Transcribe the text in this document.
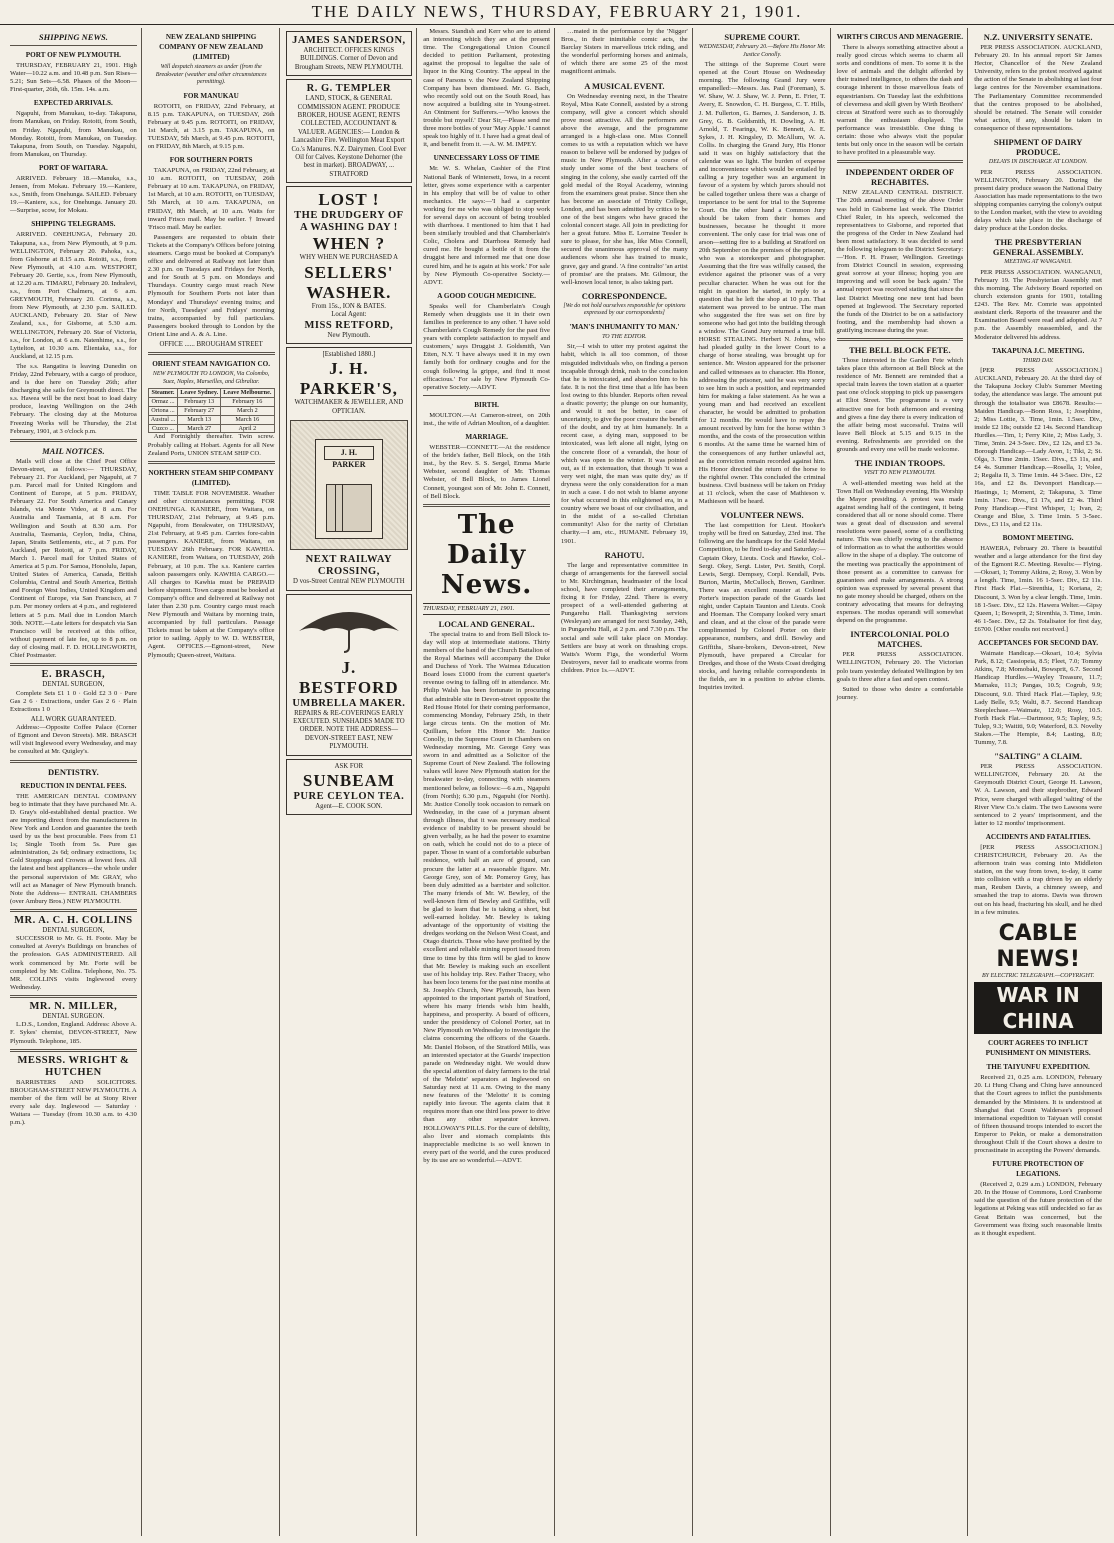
THE DAILY NEWS, THURSDAY, FEBRUARY 21, 1901.
SHIPPING NEWS.
PORT OF NEW PLYMOUTH.

THURSDAY, FEBRUARY 21, 1901. High Water—10.22 a.m. and 10.48 p.m. Sun Rises—5.21; Sun Sets—6.58. Phases of the Moon—First-quarter, 26th, 6h. 15m. 14s. a.m.

EXPECTED ARRIVALS.

Ngapuhi, from Manukau, to-day. Takapuna, from Manukau, on Friday. Rotoiti, from South, on Friday. Ngapuhi, from Manukau, on Monday. Rotoiti, from Manukau, on Tuesday. Takapuna, from South, on Tuesday. Ngapuhi, from Manukau, on Thursday.

PORT OF WAITARA.

ARRIVED. February 18.—Manuka, s.s., Jensen, from Mokau. February 19.—Kaniere, s.s., Smith, from Onehunga. SAILED. February 19.—Kaniere, s.s., for Onehunga. January 20.—Surprise, scow, for Mokau.

SHIPPING TELEGRAMS.

ARRIVED. ONEHUNGA, February 20. Takapuna, s.s., from New Plymouth, at 9 p.m. WELLINGTON, February 20. Pahoka, s.s., from Gisborne at 8.15 a.m. Rotoiti, s.s., from New Plymouth, at 4.10 a.m. WESTPORT, February 20. Gertie, s.s., from New Plymouth, at 12.20 a.m. TIMARU, February 20. Indralevi, s.s., from Port Chalmers, at 6 a.m. GREYMOUTH, February 20. Corinna, s.s., from New Plymouth, at 2.30 p.m. SAILED. AUCKLAND, February 20. Star of New Zealand, s.s., for Gisborne, at 5.30 a.m. WELLINGTON, February 20. Star of Victoria, s.s., for London, at 6 a.m. Natenhime, s.s., for Lyttelton, at 10.30 a.m. Elientaka, s.s., for Auckland, at 12.15 p.m.

The s.s. Rangatira is leaving Dunedin on Friday, 22nd February, with a cargo of produce, and is due here on Tuesday 26th; after discharging she sails for Greymouth direct. The s.s. Hawea will be the next boat to load dairy produce, leaving Wellington on the 24th February. The closing day at the Moturoa Freezing Works will be Thursday, the 21st February, 1901, at 3 o'clock p.m.

MAIL NOTICES.

Mails will close at the Chief Post Office Devon-street, as follows:— THURSDAY, February 21. For Auckland, per Ngapuhi, at 7 p.m. Parcel mail for United Kingdom and Continent of Europe, at 5 p.m. FRIDAY, February 22. For South America and Canary Islands, via Monte Video, at 8 a.m. For Australia and Tasmania, at 8 a.m. For Wellington and South at 8.30 a.m. For Australia, Tasmania, Ceylon, India, China, Japan, Straits Settlements, etc., at 7 p.m. For Auckland, per Rotoiti, at 7 p.m. FRIDAY, March 1. Parcel mail for United States of America at 5 p.m. For Samoa, Honolulu, Japan, United States of America, Canada, British Columbia, Central and South America, British and Foreign West Indies, United Kingdom and Continent of Europe, via San Francisco, at 7 p.m. Per money orders at 4 p.m., and registered letters at 5 p.m. Mail due in London March 30th. NOTE.—Late letters for despatch via San Francisco will be received at this office, without payment of late fee, up to 8 p.m. on day of closing mail. F. D. HOLLINGWORTH, Chief Postmaster.

E. BRASCH,
DENTAL SURGEON,

Complete Sets £1 1 0 · Gold £2 3 0 · Pure Gas 2 6 · Extractions, under Gas 2 6 · Plain Extractions 1 0

ALL WORK GUARANTEED.

Address:—Opposite Coffee Palace (Corner of Egmont and Devon Streets). MR. BRASCH will visit Inglewood every Wednesday, and may be consulted at Mr. Quigley's.

DENTISTRY.
REDUCTION IN DENTAL FEES.

THE AMERICAN DENTAL COMPANY beg to intimate that they have purchased Mr. A. D. Gray's old-established dental practice. We are importing direct from the manufacturers in New York and London and guarantee the teeth used by us the best procurable. Fees from £1 1s; Single Tooth from 5s. Pure gas administration, 2s 6d; ordinary extractions, 1s; Gold Stoppings and Crowns at lowest fees. All the latest and best appliances—the whole under the personal supervision of Mr. GRAY, who will act as Manager of New Plymouth branch. Note the Address— ENTRAIL CHAMBERS (over Ambury Bros.) NEW PLYMOUTH.

MR. A. C. H. COLLINS
DENTAL SURGEON,

SUCCESSOR to Mr. G. H. Foote. May be consulted at Avery's Buildings on branches of the profession. GAS ADMINISTERED. All work commenced by Mr. Forte will be completed by Mr. Collins. Telephone, No. 75. MR. COLLINS visits Inglewood every Wednesday.

MR. N. MILLER,
DENTAL SURGEON.

L.D.S., London, England. Address: Above A. F. Sykes' chemist, DEVON-STREET, New Plymouth. Telephone, 185.

MESSRS. WRIGHT & HUTCHEN

BARRISTERS AND SOLICITORS. BROUGHAM-STREET NEW PLYMOUTH. A member of the firm will be at Stony River every sale day. Inglewood — Saturday · Waitara — Tuesday (from 10.30 a.m. to 4.30 p.m.).

NEW ZEALAND SHIPPING COMPANY OF NEW ZEALAND (LIMITED)
Will despatch steamers as under (from the Breakwater (weather and other circumstances permitting).
FOR MANUKAU

ROTOITI, on FRIDAY, 22nd February, at 8.15 p.m. TAKAPUNA, on TUESDAY, 26th February at 9.45 p.m. ROTOITI, on FRIDAY, 1st March, at 3.15 p.m. TAKAPUNA, on TUESDAY, 5th March, at 9.45 p.m. ROTOITI, on FRIDAY, 8th March, at 9.15 p.m.

FOR SOUTHERN PORTS

TAKAPUNA, on FRIDAY, 22nd February, at 10 a.m. ROTOITI, on TUESDAY, 26th February at 10 a.m. TAKAPUNA, on FRIDAY, 1st March, at 10 a.m. ROTOITI, on TUESDAY, 5th March, at 10 a.m. TAKAPUNA, on FRIDAY, 8th March, at 10 a.m. Waits for inward Frisco mail. May be earlier. † Inward 'Frisco mail. May be earlier.

Passengers are requested to obtain their Tickets at the Company's Offices before joining steamers. Cargo must be booked at Company's office and delivered at Railway not later than 2.30 p.m. on Tuesdays and Fridays for North, and for South at 5 p.m. on Mondays and Thursdays. Country cargo must reach New Plymouth for Southern Ports not later than Mondays' and Thursdays' evening trains; and for North, Tuesdays' and Fridays' morning trains, accompanied by full particulars. Passengers booked through to London by the Orient Line and A. & A. Line.

OFFICE ...... BROUGHAM STREET
ORIENT STEAM NAVIGATION CO.
NEW PLYMOUTH TO LONDON, Via Colombo, Suez, Naples, Marseilles, and Gibraltar.
Steamer.	Leave Sydney.	Leave Melbourne.
Ormaz ...	February 13	February 16
Ortona ...	February 27	March 2
Austral ...	March 13	March 16
Cuzco ...	March 27	April 2

And Fortnightly thereafter. Twin screw. Probably calling at Hobart. Agents for all New Zealand Ports, UNION STEAM SHIP CO.

NORTHERN STEAM SHIP COMPANY (LIMITED).

TIME TABLE FOR NOVEMBER. Weather and other circumstances permitting. FOR ONEHUNGA. KANIERE, from Waitara, on THURSDAY, 21st February, at 9.45 p.m. Ngapuhi, from Breakwater, on THURSDAY, 21st February, at 9.45 p.m. Carries fore-cabin passengers. KANIERE, from Waitara, on TUESDAY 26th February. FOR KAWHIA. KANIERE, from Waitara, on TUESDAY, 26th February, at 10 p.m. The s.s. Kaniere carries saloon passengers only. KAWHIA CARGO.—All charges to Kawhia must be PREPAID before shipment. Town cargo must be booked at Company's office and delivered at Railway not later than 2.30 p.m. Country cargo must reach New Plymouth and Waitara by morning train, accompanied by full particulars. Passage Tickets must be taken at the Company's office prior to sailing. Apply to W. D. WEBSTER, Agent. OFFICES.—Egmont-street, New Plymouth; Queen-street, Waitara.

JAMES SANDERSON,
ARCHITECT. OFFICES KINGS BUILDINGS. Corner of Devon and Brougham Streets, NEW PLYMOUTH.
R. G. TEMPLER
LAND, STOCK, & GENERAL COMMISSION AGENT. PRODUCE BROKER, HOUSE AGENT, RENTS COLLECTED, ACCOUNTANT & VALUER. AGENCIES:— London & Lancashire Fire. Wellington Meat Export Co.'s Manures. N.Z. Dairymen. Cool Ever Oil for Calves. Keystone Dehorner (the best in market). BROADWAY, ... STRATFORD
LOST !
THE DRUDGERY OF A WASHING DAY !
WHEN ?
WHY WHEN WE PURCHASED A
SELLERS'
WASHER.
From 15s., ION & BATES.
Local Agent:
MISS RETFORD,
New Plymouth.
[Established 1880.]
J. H. PARKER'S,
WATCHMAKER & JEWELLER, AND OPTICIAN.
J. H. PARKER
NEXT RAILWAY CROSSING,
D vos-Street Central NEW PLYMOUTH
J. BESTFORD
UMBRELLA MAKER.
REPAIRS & RE-COVERINGS EARLY EXECUTED. SUNSHADES MADE TO ORDER. NOTE THE ADDRESS— DEVON-STREET EAST, NEW PLYMOUTH.
ASK FOR
SUNBEAM
PURE CEYLON TEA.
Agent—E. COOK SON.

Messrs. Standish and Kerr who are to attend an interesting which they are at the present time. The Congregational Union Council decided to petition Parliament, protesting against the proposal to legalise the sale of liquor in the King Country. The appeal in the case of Parsons v. the New Zealand Shipping Company has been dismissed. Mr. G. Bach, who recently sold out on the South Road, has now acquired a building site in Young-street. An Ointment for Sufferers.—'Who knows the trouble but myself.' Dear Sir,—Please send me three more bottles of your 'May Apple.' I cannot speak too highly of it. I have had a great deal of it, and benefit from it. —A. W. M. IMPEY.

UNNECESSARY LOSS OF TIME

Mr. W. S. Whelan, Cashier of the First National Bank of Wintersett, Iowa, in a recent letter, gives some experience with a carpenter in his employ that will be of value to other mechanics. He says:—'I had a carpenter working for me who was obliged to stop work for several days on account of being troubled with diarrhoea. I mentioned to him that I had been similarly troubled and that Chamberlain's Colic, Cholera and Diarrhoea Remedy had cured me. He bought a bottle of it from the druggist here and informed me that one dose cured him, and he is again at his work.' For sale by New Plymouth Co-operative Society.—ADVT.

A GOOD COUGH MEDICINE.

Speaks well for Chamberlain's Cough Remedy when druggists use it in their own families in preference to any other. 'I have sold Chamberlain's Cough Remedy for the past five years with complete satisfaction to myself and customers,' says Druggist J. Goldsmith, Van Etten, N.Y. 'I have always used it in my own family both for ordinary coughs and for the cough following la grippe, and find it most efficacious.' For sale by New Plymouth Co-operative Society.—ADVT.

BIRTH.

MOULTON.—At Cameron-street, on 20th inst., the wife of Adrian Moulton, of a daughter.

MARRIAGE.

WEBSTER—CONNETT.—At the residence of the bride's father, Bell Block, on the 16th inst., by the Rev. S. S. Sergel, Emma Marie Webster, second daughter of Mr. Thomas Webster, of Bell Block, to James Lionel Connett, youngest son of Mr. John E. Connett, of Bell Block.

The Daily News.
THURSDAY, FEBRUARY 21, 1901.
LOCAL AND GENERAL.

The special trains to and from Bell Block to-day will stop at intermediate stations. Thirty members of the band of the Church Battalion of the Royal Marines will accompany the Duke and Duchess of York. The Waimea Education Board loses £1000 from the current quarter's revenue owing to falling off in attendance. Mr. Philip Walsh has been fortunate in procuring that admirable site in Devon-street opposite the Red House Hotel for their coming performance, commencing Monday, February 25th, in their large circus tents. On the motion of Mr. Quilliam, before His Honor Mr. Justice Conolly, in the Supreme Court in Chambers on Wednesday morning, Mr. George Grey was sworn in and admitted as a Solicitor of the Supreme Court of New Zealand. The following values will leave New Plymouth station for the breakwater to-day, connecting with steamers mentioned below, as follows:—6 a.m., Ngapuhi (from North); 6.30 p.m., Ngapuhi (for North). Mr. Justice Conolly took occasion to remark on Wednesday, in the case of a juryman absent through illness, that it was necessary medical evidence of inability to be present should be given verbally, as he had the power to examine on oath, which he could not do to a piece of paper. Those in want of a comfortable suburban residence, with half an acre of ground, can procure the latter at a reasonable figure. Mr. George Grey, son of Mr. Pomeroy Grey, has been duly admitted as a barrister and solicitor. The many friends of Mr. W. Bewley, of the well-known firm of Bewley and Griffiths, will be glad to learn that he is taking a short, but well-earned holiday. Mr. Bewley is taking advantage of the opportunity of visiting the dredges working on the Nelson West Coast, and Otago districts. Those who have profited by the excellent and reliable mining report issued from time to time by this firm will be glad to know that Mr. Bewley is making such an excellent use of his holiday trip. Rev. Father Tracey, who has been loco tenens for the past nine months at St. Joseph's Church, New Plymouth, has been appointed to the important parish of Stratford, where his many friends wish him health, happiness, and prosperity. A board of officers, under the presidency of Colonel Porter, sat in New Plymouth on Wednesday to investigate the claims concerning the officers of the Guards. Mr. Daniel Hobson, of the Stratford Mills, was an interested spectator at the Guards' inspection parade on Wednesday night. We would draw the special attention of dairy farmers to the trial of the 'Melotte' separators at Inglewood on Saturday next at 11 a.m. Owing to the many new features of the 'Melotte' it is coming rapidly into favour. The agents claim that it requires more than one third less power to drive than any other separator known. HOLLOWAY'S PILLS. For the cure of debility, also liver and stomach complaints this inappreciable medicine is so well known in every part of the world, and the cures produced by its use are so wonderful.—ADVT.

…mated in the performance by the 'Nigger' Bros., in their inimitable comic acts, the Barclay Sisters in marvellous trick riding, and the wonderful performing horses and animals, of which there are some 25 of the most magnificent animals.

A MUSICAL EVENT.

On Wednesday evening next, in the Theatre Royal, Miss Kate Connell, assisted by a strong company, will give a concert which should prove most attractive. All the performers are above the average, and the programme arranged is a high-class one. Miss Connell comes to us with a reputation which we have reason to believe will be endorsed by judges of music in New Plymouth. After a course of study under some of the best teachers of singing in the colony, she easily carried off the gold medal of the Royal Academy, winning from the examiners great praise. Since then she has become an associate of Trinity College, London, and has been admitted by critics to be one of the best singers who have graced the colonial concert stage. All join in predicting for her a great future. Miss E. Lorraine Tessler is sure to please, for she has, like Miss Connell, secured the unanimous approval of the many audiences whom she has trained to music, grave, gay and grand. 'A fine contralto' 'an artist of promise' are the praises. Mr. Gilmour, the well-known local tenor, is also taking part.

CORRESPONDENCE.
[We do not hold ourselves responsible for opinions expressed by our correspondents]
'MAN'S INHUMANITY TO MAN.'
TO THE EDITOR.

Sir,—I wish to utter my protest against the habit, which is all too common, of those misguided individuals who, on finding a person incapable through drink, rush to the conclusion that he is intoxicated, and abandon him to his fate. It is not the first time that a life has been lost owing to this blunder. Reports often reveal a drastic poverty; the plunge on our humanity, and would it not be better, in case of uncertainty, to give the poor creature the benefit of the doubt, and try at him humanely. In a recent case, a dying man, supposed to be intoxicated, was left alone all night, lying on the concrete floor of a verandah, the hour of which was open to the winter. It was pointed out, as if in extenuation, that though 'it was a very wet night, the man was quite dry,' as if dryness were the only consideration for a man in such a case. I do not wish to blame anyone for what occurred in this enlightened era, in a country where we boast of our civilisation, and in the midst of a so-called Christian community! Also for the rarity of Christian charity.—I am, etc., HUMANE. February 19, 1901.

RAHOTU.

The large and representative committee in charge of arrangements for the farewell social to Mr. Kirchingman, headmaster of the local school, have completed their arrangements, fixing it for Friday, 22nd. There is every prospect of a well-attended gathering at Pungarehu Hall. Thanksgiving services (Wesleyan) are arranged for next Sunday, 24th, in Pungarehu Hall, at 2 p.m. and 7.30 p.m. The social and sale will take place on Monday. Settlers are busy at work on thrashing crops. Watts's Worm Figs, the wonderful Worm Destroyers, never fail to eradicate worms from children. Price 1s.—ADVT.

SUPREME COURT.
WEDNESDAY, February 20.—Before His Honor Mr. Justice Conolly.

The sittings of the Supreme Court were opened at the Court House on Wednesday morning. The following Grand Jury were empanelled:—Messrs. Jas. Paul (Foreman), S. W. Shaw, W. J. Shaw, W. J. Penn, E. Frier, T. Avery, E. Snowdon, C. H. Burgess, C. T. Hills, J. M. Fullerton, G. Barnes, J. Sanderson, J. B. Grey, G. B. Goldsmith, H. Dowling, A. H. Arnold, T. Fearings, W. K. Bennett, A. E. Sykes, J. H. Kingsley, D. McAllum, W. A. Collis. In charging the Grand Jury, His Honor said it was on highly satisfactory that the calendar was so light. The burden of expense and inconvenience which would be entailed by calling a jury together was an argument in favour of a system by which jurors should not be called together unless there was a charge of importance to be sent for trial to the Supreme Court. On the other hand a Common Jury should be taken from their homes and businesses, because he thought it more convenient. The only case for trial was one of arson—setting fire to a building at Stratford on 20th September on the premises of the prisoner, who was a storekeeper and photographer. Assuming that the fire was wilfully caused, the evidence against the prisoner was of a very peculiar character. When he was out for the night in question he started, in reply to a question that he left the shop at 10 p.m. That statement was proved to be untrue. The man who suggested the fire was set on fire by someone who had got into the building through a window. The Grand Jury returned a true bill. HORSE STEALING. Herbert N. Johns, who had pleaded guilty in the lower Court to a charge of horse stealing, was brought up for sentence. Mr. Weston appeared for the prisoner and called witnesses as to character. His Honor, addressing the prisoner, said he was very sorry to see him in such a position, and reprimanded him for making a false statement. As he was a young man and had received an excellent character, he would be admitted to probation for 12 months. He would have to repay the amount received by him for the horse within 3 months, and the costs of the prosecution within 6 months. At the same time he warned him of the consequences of any further unlawful act, as the conviction remain recorded against him. His Honor directed the return of the horse to the rightful owner. This concluded the criminal business. Civil business will be taken on Friday at 11 o'clock, when the case of Mathieson v. Mathieson will be heard.

VOLUNTEER NEWS.

The last competition for Lieut. Hooker's trophy will be fired on Saturday, 23rd inst. The following are the handicaps for the Gold Medal Competition, to be fired to-day and Saturday:—Captain Okey, Lieuts. Cock and Hawke, Col.-Sergt. Okey, Sergt. Lister, Pvt. Smith, Corpl. Lewis, Sergt. Dempsey, Corpl. Kendall, Pvts. Burton, Martin, McCulloch, Brown, Gardiner. There was an excellent muster at Colonel Porter's inspection parade of the Guards last night, under Captain Taunton and Lieuts. Cook and Hoeman. The Company looked very smart and clean, and at the close of the parade were complimented by Colonel Porter on their appearance, numbers, and drill. Bowley and Griffiths, Share-brokers, Devon-street, New Plymouth, have prepared a Circular for Dredges, and those of the Wests Coast dredging stocks, and having reliable correspondents in the fields, are in a position to advise clients. Inquiries invited.

WIRTH'S CIRCUS AND MENAGERIE.

There is always something attractive about a really good circus which seems to charm all sorts and conditions of men. To some it is the love of animals and the delight afforded by their trained intelligence, to others the dash and courage inherent in those marvellous feats of equestrianism. On Tuesday last the exhibitions of cleverness and skill given by Wirth Brothers' circus at Stratford were such as to thoroughly warrant the enthusiasm displayed. The performance was irresistible. One thing is certain: those who always visit the popular tents but only once in the season will be certain to have profited in a pleasurable way.

INDEPENDENT ORDER OF RECHABITES.

NEW ZEALAND CENTRAL DISTRICT. The 20th annual meeting of the above Order was held in Gisborne last week. The District Chief Ruler, in his speech, welcomed the representatives to Gisborne, and reported that the progress of the Order in New Zealand had been most satisfactory. It was decided to send the following telegram to the District Secretary:—'Hon. F. H. Fraser, Wellington. Greetings from District Council in session, expressing great sorrow at your illness; hoping you are improving and will soon be back again.' The annual report was received stating that since the last District Meeting one new tent had been opened at Inglewood. The Secretary reported the funds of the District to be on a satisfactory footing, and the membership had shown a gratifying increase during the year.

THE BELL BLOCK FETE.

Those interested in the Garden Fete which takes place this afternoon at Bell Block at the residence of Mr. Bennett are reminded that a special train leaves the town station at a quarter past one o'clock stopping to pick up passengers at Eliot Street. The programme is a very attractive one for both afternoon and evening and gives a fine day there is every indication of the affair being most successful. Trains will leave Bell Block at 5.15 and 9.15 in the evening. Refreshments are provided on the grounds and every one will be made welcome.

THE INDIAN TROOPS.
VISIT TO NEW PLYMOUTH.

A well-attended meeting was held at the Town Hall on Wednesday evening, His Worship the Mayor presiding. A protest was made against sending half of the contingent, it being considered that all or none should come. There was a great deal of discussion and several resolutions were passed, some of a conflicting nature. This was chiefly owing to the absence of information as to what the authorities would allow in the shape of a display. The outcome of the meeting was practically the appointment of those present as a committee to canvass for guarantees and make arrangements. A strong opinion was expressed by several present that no gate money should be charged, others on the contrary advocating that means for defraying expenses. The modus operandi will somewhat depend on the programme.

INTERCOLONIAL POLO MATCHES.

PER PRESS ASSOCIATION. WELLINGTON, February 20. The Victorian polo team yesterday defeated Wellington by ten goals to three after a fast and open contest.

Suited to those who desire a comfortable journey.

N.Z. UNIVERSITY SENATE.

PER PRESS ASSOCIATION. AUCKLAND, February 20. In his annual report Sir James Hector, Chancellor of the New Zealand University, refers to the protest received against the action of the Senate in abolishing at last four large centres for the November examinations. The Parliamentary Committee recommended that the centres proposed to be abolished, should be retained. The Senate will consider what action, if any, should be taken in consequence of these representations.

SHIPMENT OF DAIRY PRODUCE.
DELAYS IN DISCHARGE AT LONDON.

PER PRESS ASSOCIATION. WELLINGTON, February 20. During the present dairy produce season the National Dairy Association has made representations to the two shipping companies carrying the colony's output to the London market, with the view to avoiding delays which take place in the discharge of dairy produce at the London docks.

THE PRESBYTERIAN GENERAL ASSEMBLY.
MEETING AT WANGANUI.

PER PRESS ASSOCIATION. WANGANUI, February 19. The Presbyterian Assembly met this morning. The Advisory Board reported on church extension grants for 1901, totalling £243. The Rev. Mr. Comrie was appointed assistant clerk. Reports of the treasurer and the Examination Board were read and adopted. At 7 p.m. the Assembly reassembled, and the Moderator delivered his address.

TAKAPUNA J.C. MEETING.
THIRD DAY.

[PER PRESS ASSOCIATION.] AUCKLAND, February 20. At the third day of the Takapuna Jockey Club's Summer Meeting today, the attendance was large. The amount put through the totalisator was £8678. Results:— Maiden Handicap.—Bonn Ross, 1; Josephine, 2; Miss Lottie, 3. Time, 1min. 1.5sec. Div., inside £2 18s; outside £2 14s. Second Handicap Hurdles.—Tim, 1; Ferry Kite, 2; Miss Lady, 3. Time, 3min. 24 3-5sec. Div., £2 12s, and £3 3s. Borough Handicap.—Lady Avon, 1; Tiki, 2; St. Olga, 3. Time 2min. 15sec. Divs., £3 11s, and £4 4s. Summer Handicap.—Rosella, 1; Volee, 2; Regalia II, 3. Time 1min. 44 3-5sec. Div., £2 16s, and £2 8s. Devonport Handicap.—Hastings, 1; Moment, 2; Takapuna, 3. Time 1min. 17sec. Divs., £1 17s, and £2 4s. Third Pony Handicap.—First Whisper, 1; Ivan, 2; Orange and Blue, 3. Time 1min. 5 3-5sec. Divs., £3 11s, and £2 11s.

BOMONT MEETING.

HAWERA, February 20. There is beautiful weather and a large attendance for the first day of the Egmont R.C. Meeting. Results:— Flying.—Okoari, 1; Tommy Atkins, 2; Rosy, 3. Won by a length. Time, 1min. 16 1-5sec. Div., £2 11s. First Hack Flat.—Sirenthia, 1; Koriana, 2; Discount, 3. Won by a clear length. Time, 1min. 18 1-5sec. Div., £2 12s. Hawera Welter.—Gipsy Queen, 1; Bowsprit, 2; Sirenthia, 3. Time, 1min. 46 1-5sec. Div., £2 2s. Totalisator for first day, £6700. [Other results not received.]

ACCEPTANCES FOR SECOND DAY.

Waimate Handicap.—Okoari, 10.4; Sylvia Park, 8.12; Cassiopeia, 8.5; Fleet, 7.0; Tommy Atkins, 7.8; Momobaki, Bowsprit, 6.7. Second Handicap Hurdles.—Wayley Treasure, 11.7; Mamaku, 11.3; Pangas, 10.5; Cogrub, 9.9; Discount, 9.0. Third Hack Flat.—Tapley, 9.9; Lady Belle, 9.5; Walti, 8.7. Second Handicap Steeplechase.—Waimate, 12.0; Rosy, 10.5. Forth Hack Flat.—Dartmoor, 9.5; Tapley, 9.5; Tulep, 9.3; Waititi, 9.0; Waterford, 8.3. Novelty Stakes.—The Hempie, 8.4; Lasting, 8.0; Tummy, 7.8.

"SALTING" A CLAIM.

PER PRESS ASSOCIATION. WELLINGTON, February 20. At the Greymouth District Court, George H. Lawson, W. A. Lawson, and their stepbrother, Edward Price, were charged with alleged 'salting' of the River View Co.'s claim. The two Lawsons were sentenced to 2 years' imprisonment, and the latter to 12 months' imprisonment.

ACCIDENTS AND FATALITIES.

[PER PRESS ASSOCIATION.] CHRISTCHURCH, February 20. As the afternoon train was coming into Middleton station, on the way from town, to-day, it came into collision with a trap driven by an elderly man, Reuben Davis, a chimney sweep, and smashed the trap to atoms. Davis was thrown out on his head, fracturing his skull, and he died in a few minutes.

CABLE NEWS!
BY ELECTRIC TELEGRAPH.—COPYRIGHT.
WAR IN CHINA
COURT AGREES TO INFLICT PUNISHMENT ON MINISTERS.
THE TAIYUNFU EXPEDITION.

Received 21, 0.25 a.m. LONDON, February 20. Li Hung Chang and Ching have announced that the Court agrees to inflict the punishments demanded by the Ministers. It is understood at Shanghai that Count Waldersee's proposed international expedition to Taiyuan will consist of fifteen thousand troops intended to escort the Emperor to Pekin, or make a demonstration throughout Chili if the Court shows a desire to procrastinate in accepting the Powers' demands.

FUTURE PROTECTION OF LEGATIONS.

(Received 2, 0.29 a.m.) LONDON, February 20. In the House of Commons, Lord Cranborne said the question of the future protection of the legations at Peking was still undecided so far as Great Britain was concerned, but the Government was fixing such reasonable limits as it thought expedient.
